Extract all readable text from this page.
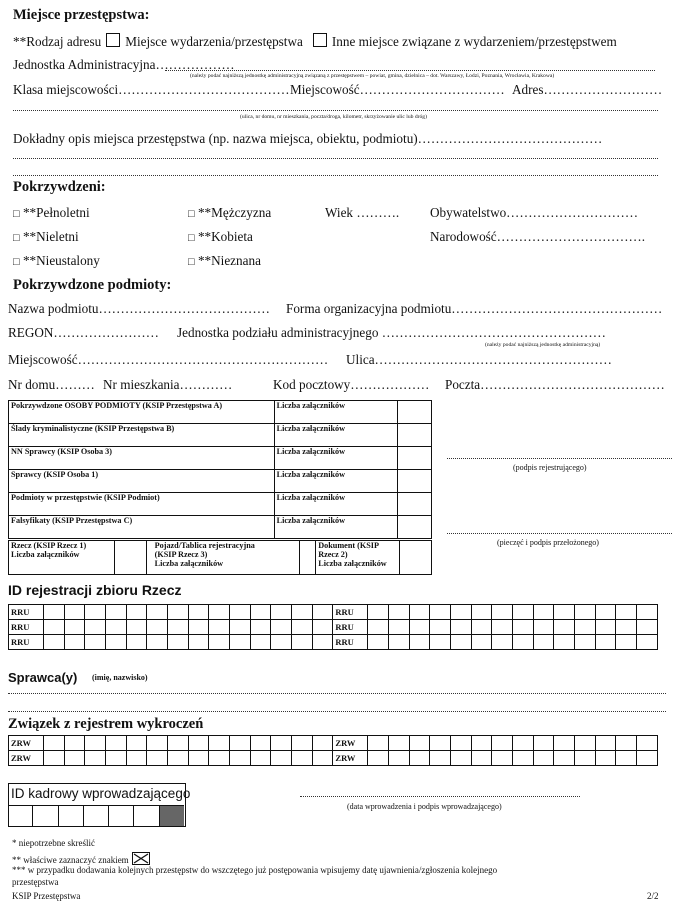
Miejsce przestępstwa:
**Rodzaj adresu Miejsce wydarzenia/przestępstwa Inne miejsce związane z wydarzeniem/przestępstwem
Jednostka Administracyjna………………
(należy podać najniższą jednostkę administracyjną związaną z przestępstwem – powiat, gmina, dzielnica – dot. Warszawy, Łodzi, Poznania, Wrocławia, Krakowa)
Klasa miejscowości………………………………… Miejscowość…………………………… Adres………………………
(ulica, nr domu, nr mieszkania, poczta/droga, kilometr, skrzyżowanie ulic lub dróg)
Dokładny opis miejsca przestępstwa (np. nazwa miejsca, obiektu, podmiotu)……………………………………
Pokrzywdzeni:
□ **Pełnoletni
□ **Nieletni
□ **Nieustalony
□ **Mężczyzna
□ **Kobieta
□ **Nieznana
Wiek ………. Obywatelstwo…………………………
Narodowość…………………………….
Pokrzywdzone podmioty:
Nazwa podmiotu………………………………… Forma organizacyjna podmiotu…………………………………………
REGON…………………… Jednostka podziału administracyjnego ……………………………………………
(należy podać najniższą jednostkę administracyjną)
Miejscowość………………………………………………… Ulica………………………………………………
Nr domu……… Nr mieszkania…………	Kod pocztowy……………… Poczta……………………………………
Pokrzywdzone OSOBY PODMIOTY (KSIP Przestępstwa A)	Liczba załączników	
Ślady kryminalistyczne (KSIP Przestępstwa B)	Liczba załączników	
NN Sprawcy (KSIP Osoba 3)	Liczba załączników	
Sprawcy (KSIP Osoba 1)	Liczba załączników	
Podmioty w przestępstwie (KSIP Podmiot)	Liczba załączników	
Falsyfikaty (KSIP Przestępstwa C)	Liczba załączników	
Rzecz (KSIP Rzecz 1)
Liczba załączników

Pojazd/Tablica rejestracyjna
(KSIP Rzecz 3)
Liczba załączników

Dokument (KSIP
Rzecz 2)
Liczba załączników

(podpis rejestrującego)
(pieczęć i podpis przełożonego)
ID rejestracji zbioru Rzecz
RRU															RRU														
RRU															RRU														
RRU															RRU														
Sprawca(y) (imię, nazwisko)
Związek z rejestrem wykroczeń
ZRW															ZRW														
ZRW															ZRW														
ID kadrowy wprowadzającego
(data wprowadzenia i podpis wprowadzającego)
* niepotrzebne skreślić
** właściwe zaznaczyć znakiem
*** w przypadku dodawania kolejnych przestępstw do wszczętego już postępowania wpisujemy datę ujawnienia/zgłoszenia kolejnego
przestępstwa
KSIP Przestępstwa	2/2
